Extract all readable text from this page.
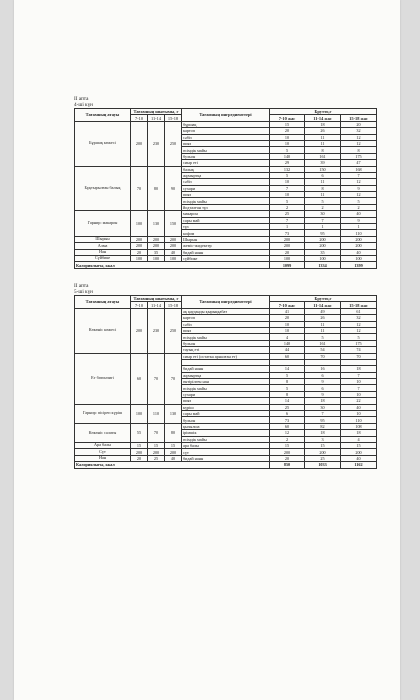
II апта
4-ші күн
Тағамның атауы	Тағамның шығымы, г			Тағамның ингредиенттері	Брутто,г		
	7-10	11-14	15-18		7-10 жас	11-14 жас	15-18 жас
Бұршақ көжесі	200	230	250	бұршақ	15	18	20
				картоп	20	26	32
				сәбіз	10	11	12
				пияз	10	11	12
				өсімдік майы	5	8	8
				бульон	140	161	175
				сиыр еті	29	39	47
Бұқтырылған балық	70	80	90	балық	132	150	168
				жұмыртқа	5	6	7
				сәбіз	10	11	12
				сухари	7	8	9
				пияз	10	11	12
				өсімдік майы	5	5	5
				йодталған тұз	2	2	2
Гарнир: макарон	100	130	150	макарон	25	30	40
				сары май	7	7	9
				тұз	1	1	1
				кофом	73	95	110
Шырын	200	200	200	Шырын	200	200	200
Алма	200	200	200	жеміс-жидектер	200	200	200
Нан	20	35	40	бидай нанн	20	35	40
Сүйбике	100	100	100	сүйбике	100	100	100
Калориялығы, ккал					1099	1334	1399
II апта
5-ші күн
Тағамның атауы	Тағамның шығымы, г			Тағамның ингредиенттері	Брутто,г		
	7-10	11-14	15-18		7-10 жас	11-14 жас	15-18 жас
Көкөніс көжесі	200	230	250	ақ қауданды қырыққабат	41	49	61
				картоп	20	26	32
				сәбіз	10	11	12
				пияз	10	11	12
				өсімдік майы	4	5	5
				бульон	140	161	175
				тауық еті	44	54	74
Ет батончигі	60	70	70	сиыр еті (остатка арналған ет)	60	70	70

				бидай нанн	14	16	18
				жұмыртқа	5	6	7
				өнтірілген нан	8	9	10
				өсімдік майы	5	6	7
				сухари	8	9	10
				пияз	14	18	22
Гарнир: пісіреп күріш	100	110	130	күріш	25	30	40
				сары май	6	7	10
				бульон	73	95	110
Көкөніс салаты	55	70	80	қызылша	60	82	108
				ірімшік	12	18	18
				өсімдік майы	2	3	4
Ара балы	15	15	15	ара балы	15	15	15
Сүт	200	200	200	сүт	200	200	200
Нан	20	25	40	бидай нанн	20	25	40
Калориялығы, ккал					850	1033	1162
